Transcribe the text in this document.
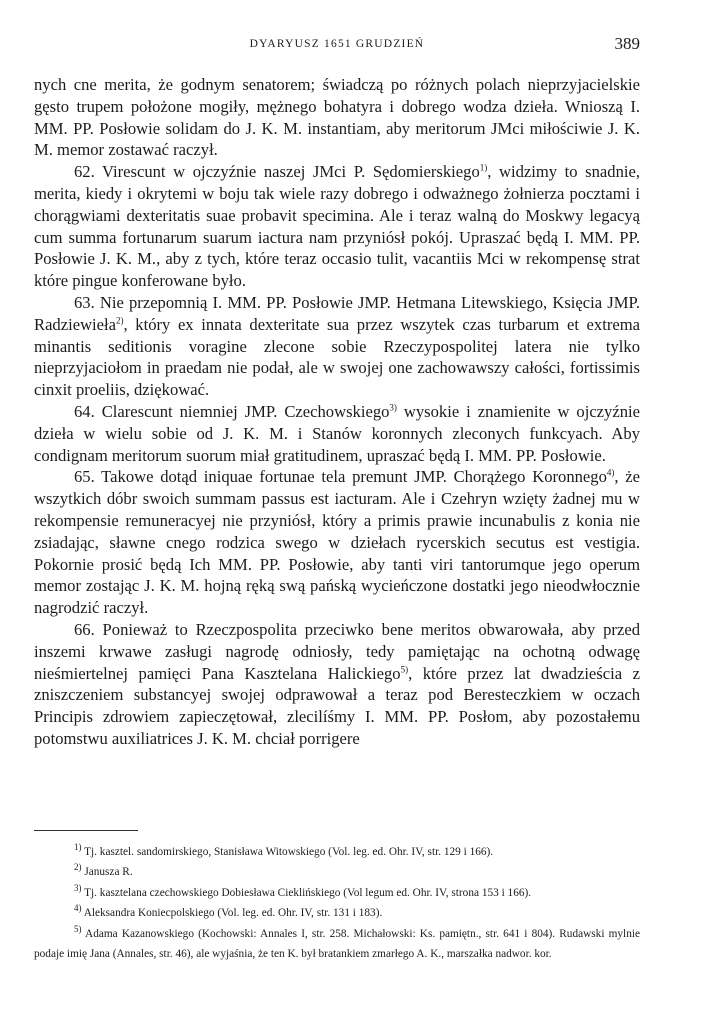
DYARYUSZ 1651 GRUDZIEŃ	389

nych cne merita, że godnym senatorem; świadczą po różnych polach nieprzyjacielskie gęsto trupem położone mogiły, mężnego bohatyra i dobrego wodza dzieła. Wnioszą I. MM. PP. Posłowie solidam do J. K. M. instantiam, aby meritorum JMci miłościwie J. K. M. memor zostawać raczył.

62. Virescunt w ojczyźnie naszej JMci P. Sędomierskiego$^{1)}$, widzimy to snadnie, merita, kiedy i okrytemi w boju tak wiele razy dobrego i odważnego żołnierza pocztami i chorągwiami dexteritatis suae probavit specimina. Ale i teraz walną do Moskwy legacyą cum summa fortunarum suarum iactura nam przyniósł pokój. Upraszać będą I. MM. PP. Posłowie J. K. M., aby z tych, które teraz occasio tulit, vacantiis Mci w rekompensę strat które pingue konferowane było.

63. Nie przepomnią I. MM. PP. Posłowie JMP. Hetmana Litewskiego, Księcia JMP. Radziewieła$^{2)}$, który ex innata dexteritate sua przez wszytek czas turbarum et extrema minantis seditionis voragine zlecone sobie Rzeczypospolitej latera nie tylko nieprzyjaciołom in praedam nie podał, ale w swojej one zachowawszy całości, fortissimis cinxit proeliis, dziękować.

64. Clarescunt niemniej JMP. Czechowskiego$^{3)}$ wysokie i znamienite w ojczyźnie dzieła w wielu sobie od J. K. M. i Stanów koronnych zleconych funkcyach. Aby condignam meritorum suorum miał gratitudinem, upraszać będą I. MM. PP. Posłowie.

65. Takowe dotąd iniquae fortunae tela premunt JMP. Chorążego Koronnego$^{4)}$, że wszytkich dóbr swoich summam passus est iacturam. Ale i Czehryn wzięty żadnej mu w rekompensie remuneracyej nie przyniósł, który a primis prawie incunabulis z konia nie zsiadając, sławne cnego rodzica swego w dziełach rycerskich secutus est vestigia. Pokornie prosić będą Ich MM. PP. Posłowie, aby tanti viri tantorumque jego operum memor zostając J. K. M. hojną ręką swą pańską wycieńczone dostatki jego nieodwłocznie nagrodzić raczył.

66. Ponieważ to Rzeczpospolita przeciwko bene meritos obwarowała, aby przed inszemi krwawe zasługi nagrodę odniosły, tedy pamiętając na ochotną odwagę nieśmiertelnej pamięci Pana Kasztelana Halickiego$^{5)}$, które przez lat dwadzieścia z zniszczeniem substancyej swojej odprawował a teraz pod Beresteczkiem w oczach Principis zdrowiem zapieczętował, zlecilíśmy I. MM. PP. Posłom, aby pozostałemu potomstwu auxiliatrices J. K. M. chciał porrigere

$^{1)}$ Tj. kasztel. sandomirskiego, Stanisława Witowskiego (Vol. leg. ed. Ohr. IV, str. 129 i 166).

$^{2)}$ Janusza R.

$^{3)}$ Tj. kasztelana czechowskiego Dobiesława Cieklińskiego (Vol legum ed. Ohr. IV, strona 153 i 166).

$^{4)}$ Aleksandra Koniecpolskiego (Vol. leg. ed. Ohr. IV, str. 131 i 183).

$^{5)}$ Adama Kazanowskiego (Kochowski: Annales I, str. 258. Michałowski: Ks. pamiętn., str. 641 i 804). Rudawski mylnie podaje imię Jana (Annales, str. 46), ale wyjaśnia, że ten K. był bratankiem zmarłego A. K., marszałka nadwor. kor.
